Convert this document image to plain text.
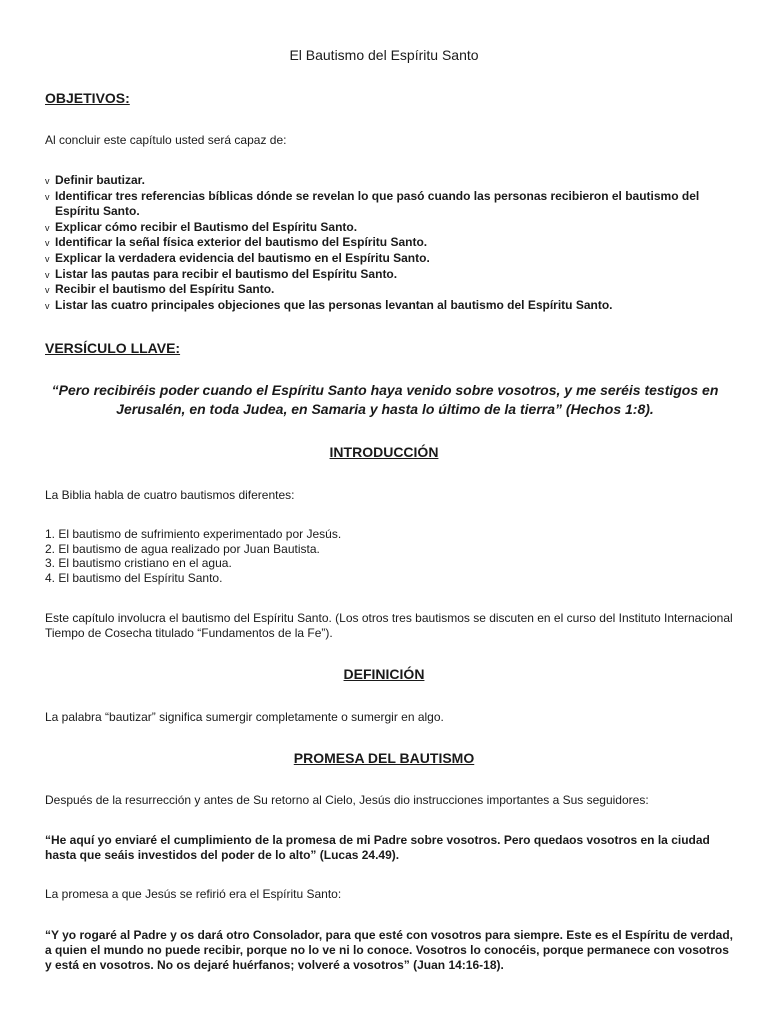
El Bautismo del Espíritu Santo
OBJETIVOS:

Al concluir este capítulo usted será capaz de:

v Definir bautizar.
v Identificar tres referencias bíblicas dónde se revelan lo que pasó cuando las personas recibieron el bautismo del Espíritu Santo.
v Explicar cómo recibir el Bautismo del Espíritu Santo.
v Identificar la señal física exterior del bautismo del Espíritu Santo.
v Explicar la verdadera evidencia del bautismo en el Espíritu Santo.
v Listar las pautas para recibir el bautismo del Espíritu Santo.
v Recibir el bautismo del Espíritu Santo.
v Listar las cuatro principales objeciones que las personas levantan al bautismo del Espíritu Santo.
VERSÍCULO LLAVE:

“Pero recibiréis poder cuando el Espíritu Santo haya venido sobre vosotros, y me seréis testigos en Jerusalén, en toda Judea, en Samaria y hasta lo último de la tierra” (Hechos 1:8).

INTRODUCCIÓN

La Biblia habla de cuatro bautismos diferentes:

1. El bautismo de sufrimiento experimentado por Jesús.
2. El bautismo de agua realizado por Juan Bautista.
3. El bautismo cristiano en el agua.
4. El bautismo del Espíritu Santo.

Este capítulo involucra el bautismo del Espíritu Santo. (Los otros tres bautismos se discuten en el curso del Instituto Internacional Tiempo de Cosecha titulado “Fundamentos de la Fe”).

DEFINICIÓN

La palabra “bautizar” significa sumergir completamente o sumergir en algo.

PROMESA DEL BAUTISMO

Después de la resurrección y antes de Su retorno al Cielo, Jesús dio instrucciones importantes a Sus seguidores:

“He aquí yo enviaré el cumplimiento de la promesa de mi Padre sobre vosotros. Pero quedaos vosotros en la ciudad hasta que seáis investidos del poder de lo alto” (Lucas 24.49).

La promesa a que Jesús se refirió era el Espíritu Santo:

“Y yo rogaré al Padre y os dará otro Consolador, para que esté con vosotros para siempre. Este es el Espíritu de verdad, a quien el mundo no puede recibir, porque no lo ve ni lo conoce. Vosotros lo conocéis, porque permanece con vosotros y está en vosotros. No os dejaré huérfanos; volveré a vosotros” (Juan 14:16-18).
